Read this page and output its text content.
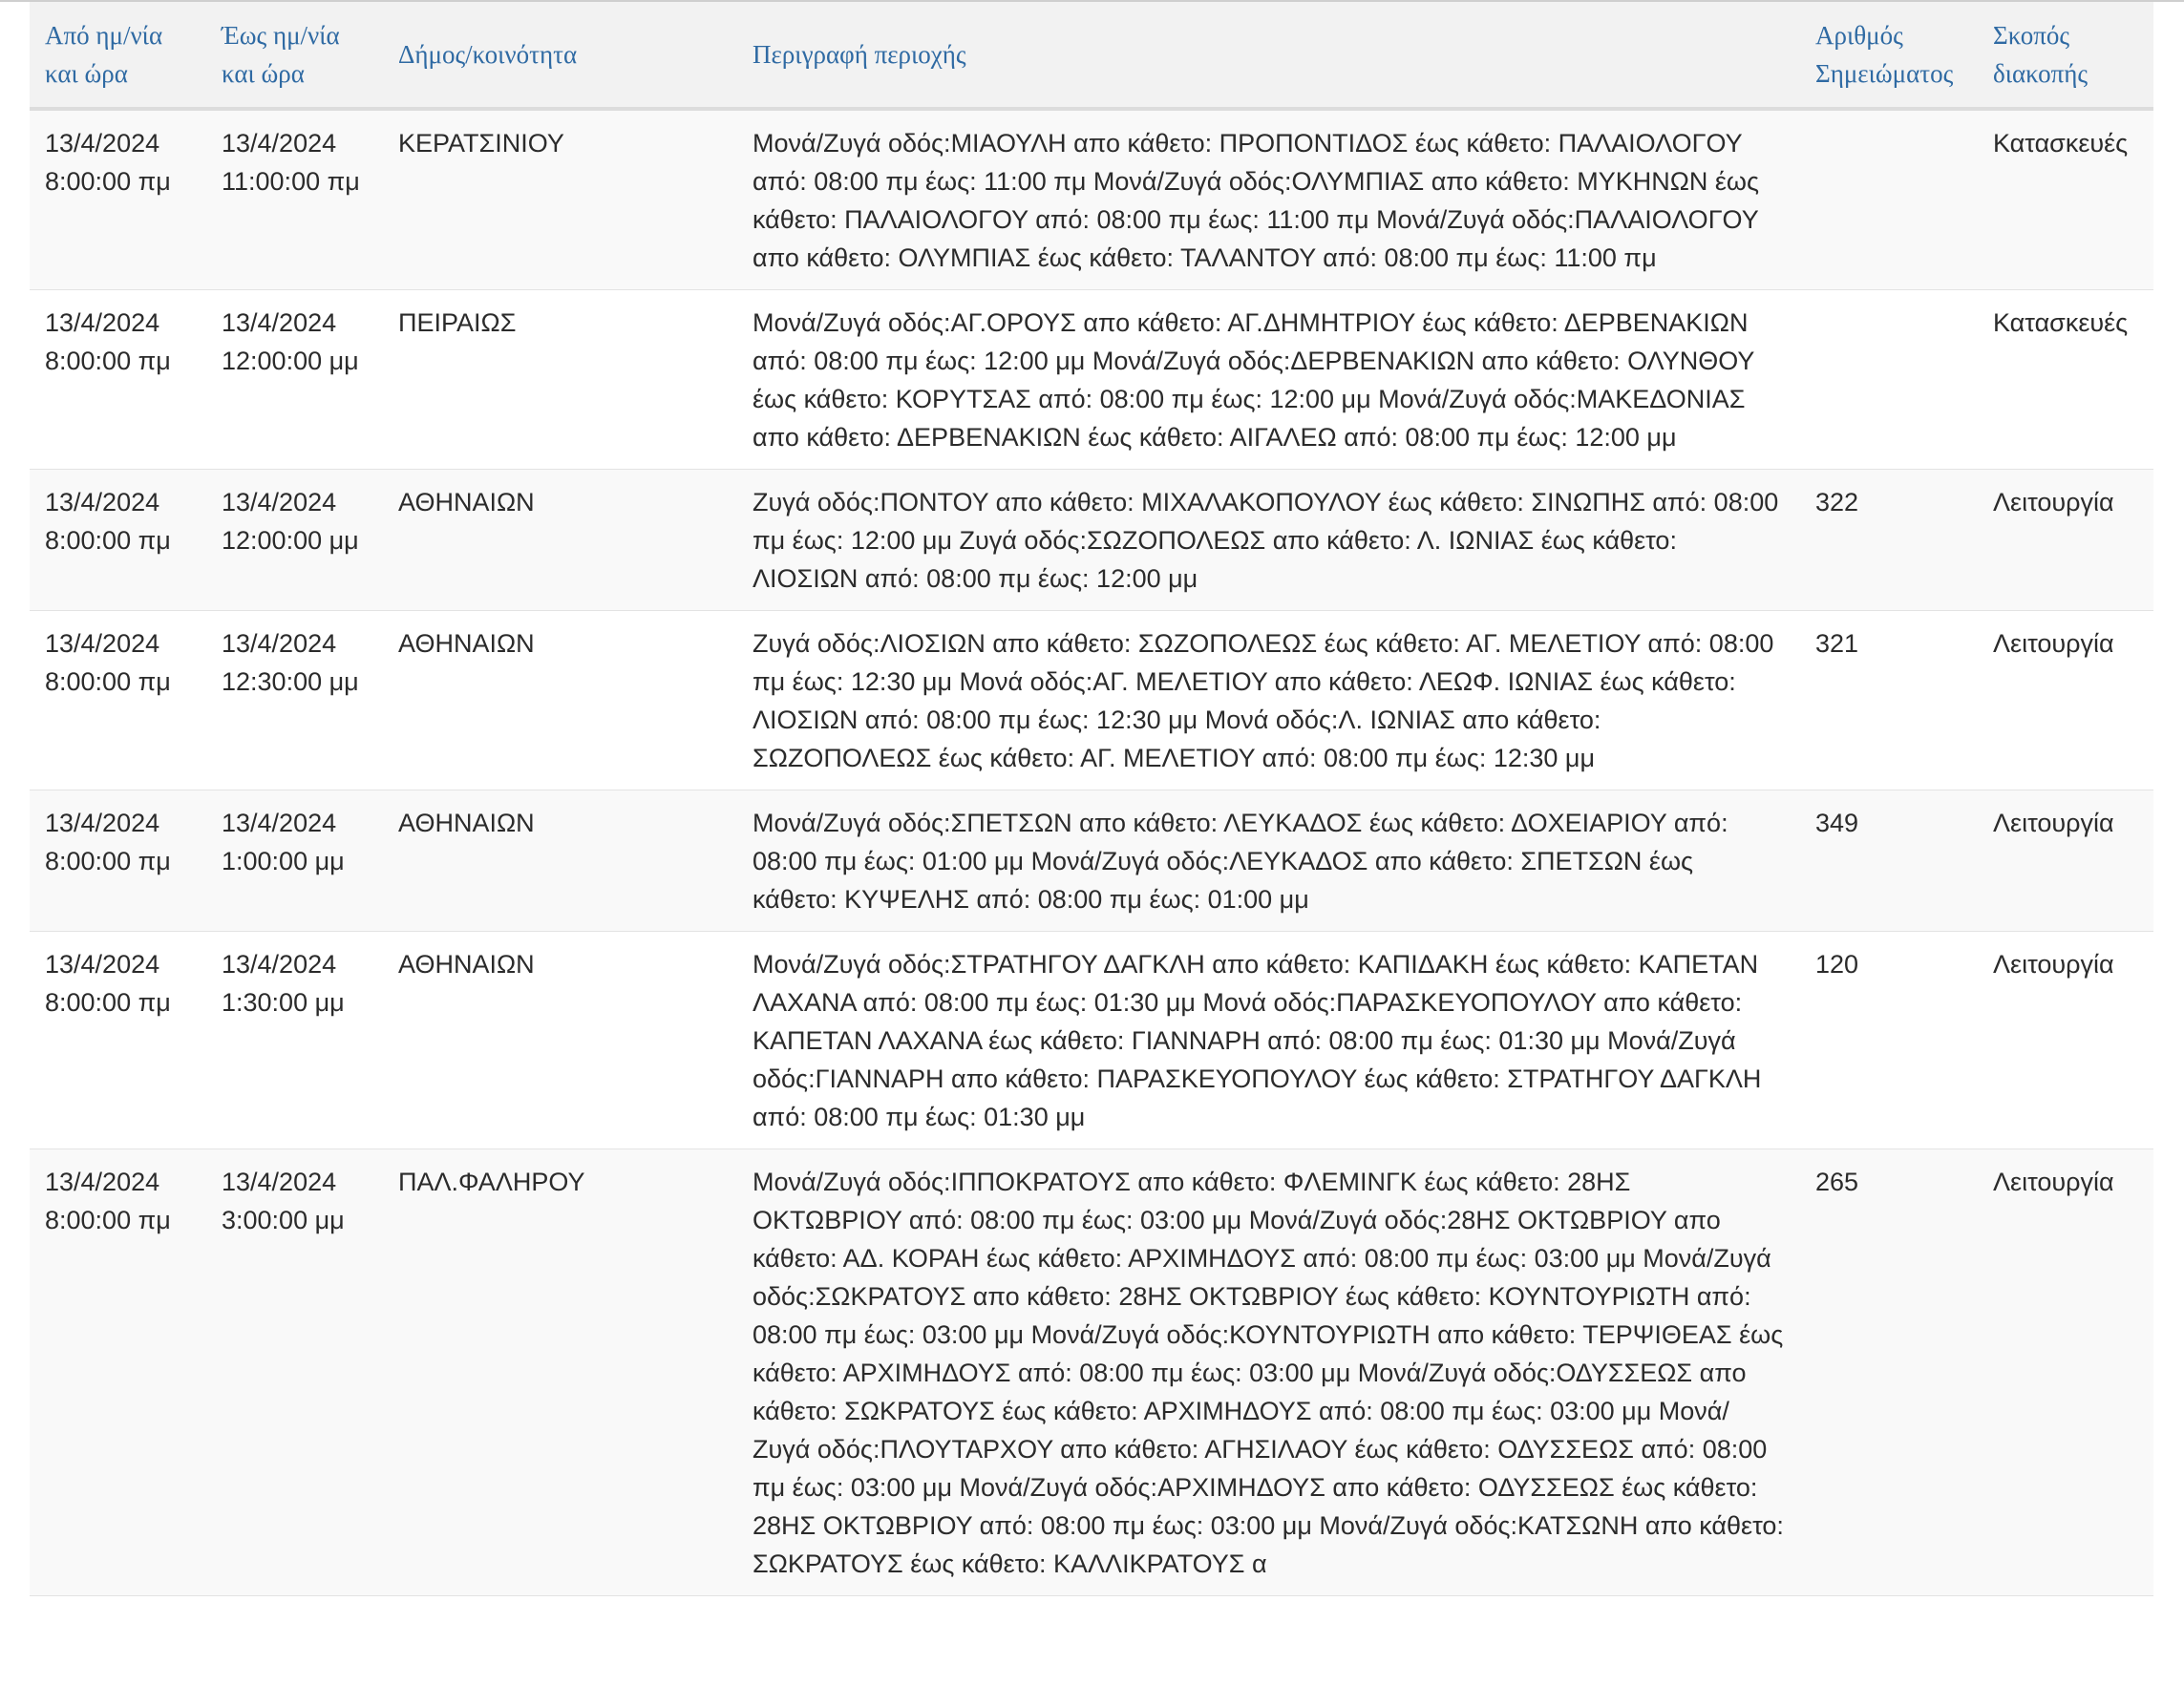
Από ημ/νία
και ώρα	Έως ημ/νία
και ώρα	Δήμος/κοινότητα	Περιγραφή περιοχής	Αριθμός
Σημειώματος	Σκοπός
διακοπής

13/4/2024
8:00:00 πμ	13/4/2024
11:00:00 πμ	ΚΕΡΑΤΣΙΝΙΟΥ	Μονά/Ζυγά οδός:ΜΙΑΟΥΛΗ απο κάθετο: ΠΡΟΠΟΝΤΙΔΟΣ έως κάθετο: ΠΑΛΑΙΟΛΟΓΟΥ από: 08:00 πμ έως: 11:00 πμ Μονά/Ζυγά οδός:ΟΛΥΜΠΙΑΣ απο κάθετο: ΜΥΚΗΝΩΝ έως κάθετο: ΠΑΛΑΙΟΛΟΓΟΥ από: 08:00 πμ έως: 11:00 πμ Μονά/Ζυγά οδός:ΠΑΛΑΙΟΛΟΓΟΥ απο κάθετο: ΟΛΥΜΠΙΑΣ έως κάθετο: ΤΑΛΑΝΤΟΥ από: 08:00 πμ έως: 11:00 πμ		Κατασκευές

13/4/2024
8:00:00 πμ	13/4/2024
12:00:00 μμ	ΠΕΙΡΑΙΩΣ	Μονά/Ζυγά οδός:ΑΓ.ΟΡΟΥΣ απο κάθετο: ΑΓ.ΔΗΜΗΤΡΙΟΥ έως κάθετο: ΔΕΡΒΕΝΑΚΙΩΝ από: 08:00 πμ έως: 12:00 μμ Μονά/Ζυγά οδός:ΔΕΡΒΕΝΑΚΙΩΝ απο κάθετο: ΟΛΥΝΘΟΥ έως κάθετο: ΚΟΡΥΤΣΑΣ από: 08:00 πμ έως: 12:00 μμ Μονά/Ζυγά οδός:ΜΑΚΕΔΟΝΙΑΣ απο κάθετο: ΔΕΡΒΕΝΑΚΙΩΝ έως κάθετο: ΑΙΓΑΛΕΩ από: 08:00 πμ έως: 12:00 μμ		Κατασκευές

13/4/2024
8:00:00 πμ	13/4/2024
12:00:00 μμ	ΑΘΗΝΑΙΩΝ	Ζυγά οδός:ΠΟΝΤΟΥ απο κάθετο: ΜΙΧΑΛΑΚΟΠΟΥΛΟΥ έως κάθετο: ΣΙΝΩΠΗΣ από: 08:00 πμ έως: 12:00 μμ Ζυγά οδός:ΣΩΖΟΠΟΛΕΩΣ απο κάθετο: Λ. ΙΩΝΙΑΣ έως κάθετο: ΛΙΟΣΙΩΝ από: 08:00 πμ έως: 12:00 μμ	322	Λειτουργία

13/4/2024
8:00:00 πμ	13/4/2024
12:30:00 μμ	ΑΘΗΝΑΙΩΝ	Ζυγά οδός:ΛΙΟΣΙΩΝ απο κάθετο: ΣΩΖΟΠΟΛΕΩΣ έως κάθετο: ΑΓ. ΜΕΛΕΤΙΟΥ από: 08:00 πμ έως: 12:30 μμ Μονά οδός:ΑΓ. ΜΕΛΕΤΙΟΥ απο κάθετο: ΛΕΩΦ. ΙΩΝΙΑΣ έως κάθετο: ΛΙΟΣΙΩΝ από: 08:00 πμ έως: 12:30 μμ Μονά οδός:Λ. ΙΩΝΙΑΣ απο κάθετο: ΣΩΖΟΠΟΛΕΩΣ έως κάθετο: ΑΓ. ΜΕΛΕΤΙΟΥ από: 08:00 πμ έως: 12:30 μμ	321	Λειτουργία

13/4/2024
8:00:00 πμ	13/4/2024
1:00:00 μμ	ΑΘΗΝΑΙΩΝ	Μονά/Ζυγά οδός:ΣΠΕΤΣΩΝ απο κάθετο: ΛΕΥΚΑΔΟΣ έως κάθετο: ΔΟΧΕΙΑΡΙΟΥ από: 08:00 πμ έως: 01:00 μμ Μονά/Ζυγά οδός:ΛΕΥΚΑΔΟΣ απο κάθετο: ΣΠΕΤΣΩΝ έως κάθετο: ΚΥΨΕΛΗΣ από: 08:00 πμ έως: 01:00 μμ	349	Λειτουργία

13/4/2024
8:00:00 πμ	13/4/2024
1:30:00 μμ	ΑΘΗΝΑΙΩΝ	Μονά/Ζυγά οδός:ΣΤΡΑΤΗΓΟΥ ΔΑΓΚΛΗ απο κάθετο: ΚΑΠΙΔΑΚΗ έως κάθετο: ΚΑΠΕΤΑΝ ΛΑΧΑΝΑ από: 08:00 πμ έως: 01:30 μμ Μονά οδός:ΠΑΡΑΣΚΕΥΟΠΟΥΛΟΥ απο κάθετο: ΚΑΠΕΤΑΝ ΛΑΧΑΝΑ έως κάθετο: ΓΙΑΝΝΑΡΗ από: 08:00 πμ έως: 01:30 μμ Μονά/Ζυγά οδός:ΓΙΑΝΝΑΡΗ απο κάθετο: ΠΑΡΑΣΚΕΥΟΠΟΥΛΟΥ έως κάθετο: ΣΤΡΑΤΗΓΟΥ ΔΑΓΚΛΗ από: 08:00 πμ έως: 01:30 μμ	120	Λειτουργία

13/4/2024
8:00:00 πμ	13/4/2024
3:00:00 μμ	ΠΑΛ.ΦΑΛΗΡΟΥ	Μονά/Ζυγά οδός:ΙΠΠΟΚΡΑΤΟΥΣ απο κάθετο: ΦΛΕΜΙΝΓΚ έως κάθετο: 28ΗΣ ΟΚΤΩΒΡΙΟΥ από: 08:00 πμ έως: 03:00 μμ Μονά/Ζυγά οδός:28ΗΣ ΟΚΤΩΒΡΙΟΥ απο κάθετο: ΑΔ. ΚΟΡΑΗ έως κάθετο: ΑΡΧΙΜΗΔΟΥΣ από: 08:00 πμ έως: 03:00 μμ Μονά/Ζυγά οδός:ΣΩΚΡΑΤΟΥΣ απο κάθετο: 28ΗΣ ΟΚΤΩΒΡΙΟΥ έως κάθετο: ΚΟΥΝΤΟΥΡΙΩΤΗ από: 08:00 πμ έως: 03:00 μμ Μονά/Ζυγά οδός:ΚΟΥΝΤΟΥΡΙΩΤΗ απο κάθετο: ΤΕΡΨΙΘΕΑΣ έως κάθετο: ΑΡΧΙΜΗΔΟΥΣ από: 08:00 πμ έως: 03:00 μμ Μονά/Ζυγά οδός:ΟΔΥΣΣΕΩΣ απο κάθετο: ΣΩΚΡΑΤΟΥΣ έως κάθετο: ΑΡΧΙΜΗΔΟΥΣ από: 08:00 πμ έως: 03:00 μμ Μονά/Ζυγά οδός:ΠΛΟΥΤΑΡΧΟΥ απο κάθετο: ΑΓΗΣΙΛΑΟΥ έως κάθετο: ΟΔΥΣΣΕΩΣ από: 08:00 πμ έως: 03:00 μμ Μονά/Ζυγά οδός:ΑΡΧΙΜΗΔΟΥΣ απο κάθετο: ΟΔΥΣΣΕΩΣ έως κάθετο: 28ΗΣ ΟΚΤΩΒΡΙΟΥ από: 08:00 πμ έως: 03:00 μμ Μονά/Ζυγά οδός:ΚΑΤΣΩΝΗ απο κάθετο: ΣΩΚΡΑΤΟΥΣ έως κάθετο: ΚΑΛΛΙΚΡΑΤΟΥΣ α	265	Λειτουργία
